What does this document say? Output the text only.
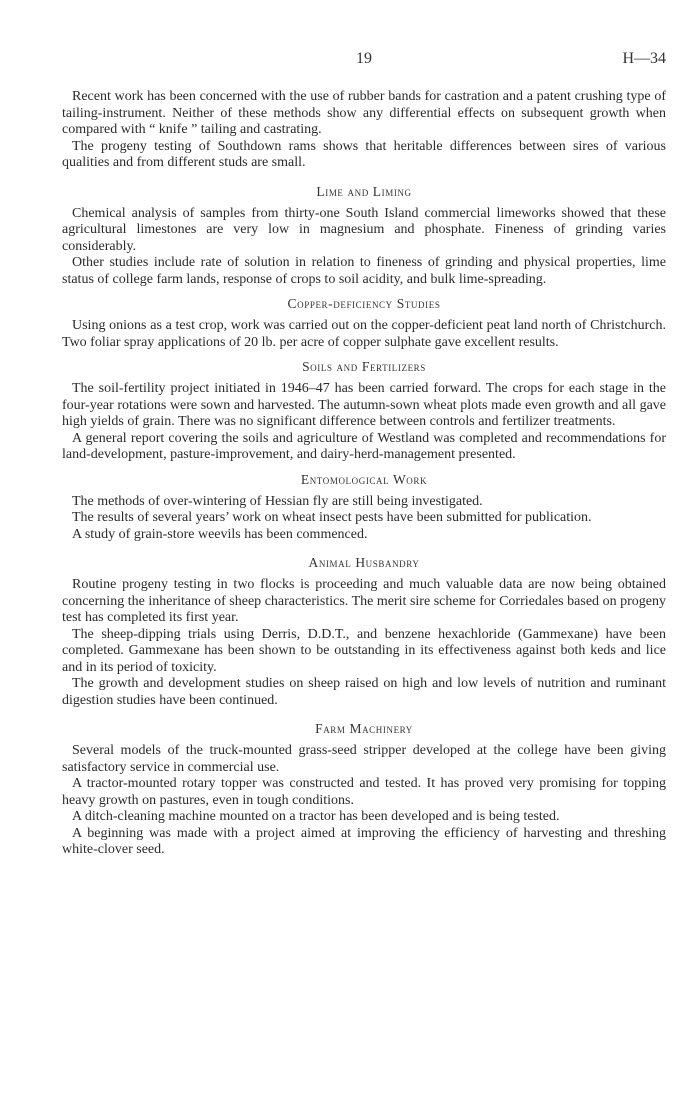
19	H—34

Recent work has been concerned with the use of rubber bands for castration and a patent crushing type of tailing-instrument. Neither of these methods show any differential effects on subsequent growth when compared with “ knife ” tailing and castrating.

The progeny testing of Southdown rams shows that heritable differences between sires of various qualities and from different studs are small.

Lime and Liming

Chemical analysis of samples from thirty-one South Island commercial limeworks showed that these agricultural limestones are very low in magnesium and phosphate. Fineness of grinding varies considerably.

Other studies include rate of solution in relation to fineness of grinding and physical properties, lime status of college farm lands, response of crops to soil acidity, and bulk lime-spreading.

Copper-deficiency Studies

Using onions as a test crop, work was carried out on the copper-deficient peat land north of Christchurch. Two foliar spray applications of 20 lb. per acre of copper sulphate gave excellent results.

Soils and Fertilizers

The soil-fertility project initiated in 1946–47 has been carried forward. The crops for each stage in the four-year rotations were sown and harvested. The autumn-sown wheat plots made even growth and all gave high yields of grain. There was no significant difference between controls and fertilizer treatments.

A general report covering the soils and agriculture of Westland was completed and recommendations for land-development, pasture-improvement, and dairy-herd-management presented.

Entomological Work

The methods of over-wintering of Hessian fly are still being investigated.

The results of several years’ work on wheat insect pests have been submitted for publication.

A study of grain-store weevils has been commenced.

Animal Husbandry

Routine progeny testing in two flocks is proceeding and much valuable data are now being obtained concerning the inheritance of sheep characteristics. The merit sire scheme for Corriedales based on progeny test has completed its first year.

The sheep-dipping trials using Derris, D.D.T., and benzene hexachloride (Gammexane) have been completed. Gammexane has been shown to be outstanding in its effectiveness against both keds and lice and in its period of toxicity.

The growth and development studies on sheep raised on high and low levels of nutrition and ruminant digestion studies have been continued.

Farm Machinery

Several models of the truck-mounted grass-seed stripper developed at the college have been giving satisfactory service in commercial use.

A tractor-mounted rotary topper was constructed and tested. It has proved very promising for topping heavy growth on pastures, even in tough conditions.

A ditch-cleaning machine mounted on a tractor has been developed and is being tested.

A beginning was made with a project aimed at improving the efficiency of harvesting and threshing white-clover seed.
